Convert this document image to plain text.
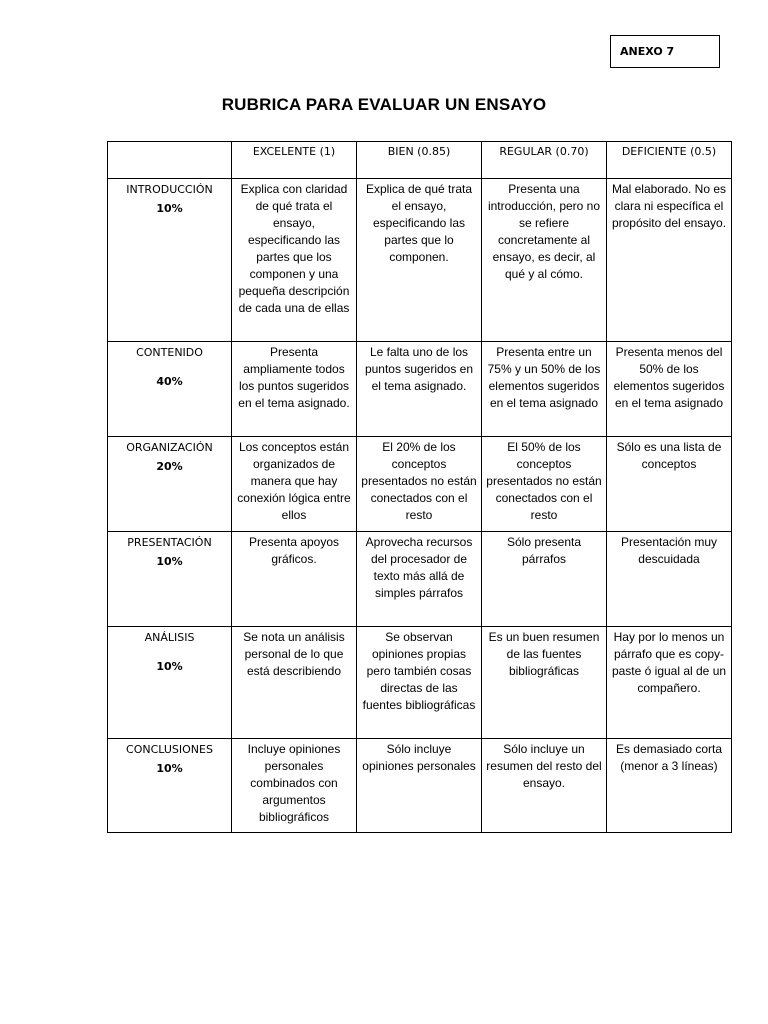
ANEXO 7
RUBRICA PARA EVALUAR UN ENSAYO
	EXCELENTE (1)	BIEN (0.85)	REGULAR (0.70)	DEFICIENTE (0.5)

INTRODUCCIÓN
10%	Explica con claridad de qué trata el ensayo, especificando las partes que los componen y una pequeña descripción de cada una de ellas	Explica de qué trata el ensayo, especificando las partes que lo componen.	Presenta una introducción, pero no se refiere concretamente al ensayo, es decir, al qué y al cómo.	Mal elaborado. No es clara ni específica el propósito del ensayo.

CONTENIDO
40%	Presenta ampliamente todos los puntos sugeridos en el tema asignado.	Le falta uno de los puntos sugeridos en el tema asignado.	Presenta entre un 75% y un 50% de los elementos sugeridos en el tema asignado	Presenta menos del 50% de los elementos sugeridos en el tema asignado

ORGANIZACIÓN
20%	Los conceptos están organizados de manera que hay conexión lógica entre ellos	El 20% de los conceptos presentados no están conectados con el resto	El 50% de los conceptos presentados no están conectados con el resto	Sólo es una lista de conceptos

PRESENTACIÓN
10%	Presenta apoyos gráficos.	Aprovecha recursos del procesador de texto más allá de simples párrafos	Sólo presenta párrafos	Presentación muy descuidada

ANÁLISIS
10%	Se nota un análisis personal de lo que está describiendo	Se observan opiniones propias pero también cosas directas de las fuentes bibliográficas	Es un buen resumen de las fuentes bibliográficas	Hay por lo menos un párrafo que es copy-paste ó igual al de un compañero.

CONCLUSIONES
10%	Incluye opiniones personales combinados con argumentos bibliográficos	Sólo incluye opiniones personales	Sólo incluye un resumen del resto del ensayo.	Es demasiado corta (menor a 3 líneas)
